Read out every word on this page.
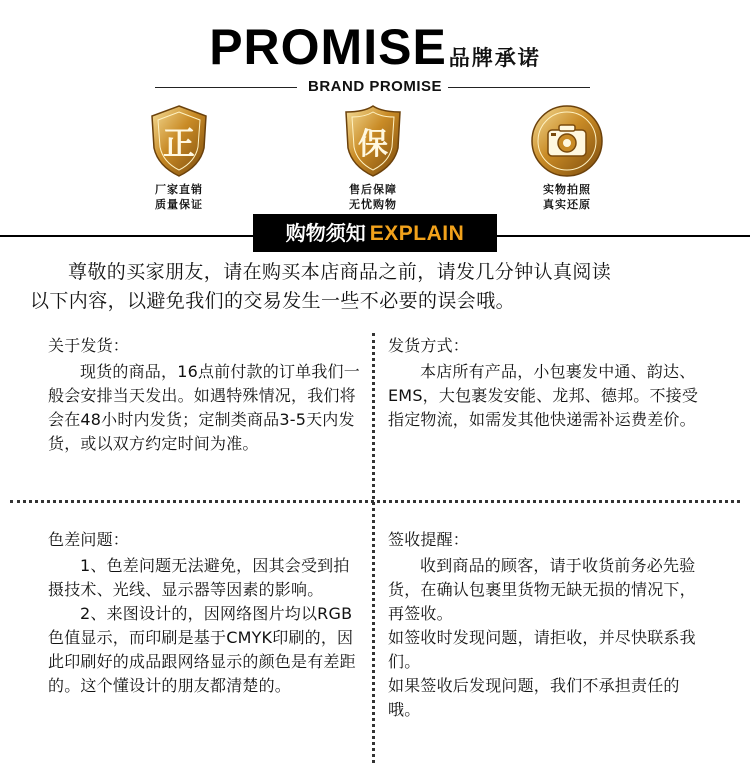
PROMISE品牌承诺
BRAND PROMISE
正
厂家直销
质量保证
保
售后保障
无忧购物
实物拍照
真实还原
购物须知 EXPLAIN
尊敬的买家朋友，请在购买本店商品之前，请发几分钟认真阅读
以下内容，以避免我们的交易发生一些不必要的误会哦。
关于发货：
现货的商品，16点前付款的订单我们一般会安排当天发出。如遇特殊情况，我们将会在48小时内发货；定制类商品3-5天内发货，或以双方约定时间为准。
发货方式：
本店所有产品，小包裹发中通、韵达、EMS，大包裹发安能、龙邦、德邦。不接受指定物流，如需发其他快递需补运费差价。
色差问题：
1、色差问题无法避免，因其会受到拍摄技术、光线、显示器等因素的影响。
2、来图设计的，因网络图片均以RGB色值显示，而印刷是基于CMYK印刷的，因此印刷好的成品跟网络显示的颜色是有差距的。这个懂设计的朋友都清楚的。
签收提醒：
收到商品的顾客，请于收货前务必先验货，在确认包裹里货物无缺无损的情况下，再签收。
如签收时发现问题，请拒收，并尽快联系我们。
如果签收后发现问题，我们不承担责任的哦。
